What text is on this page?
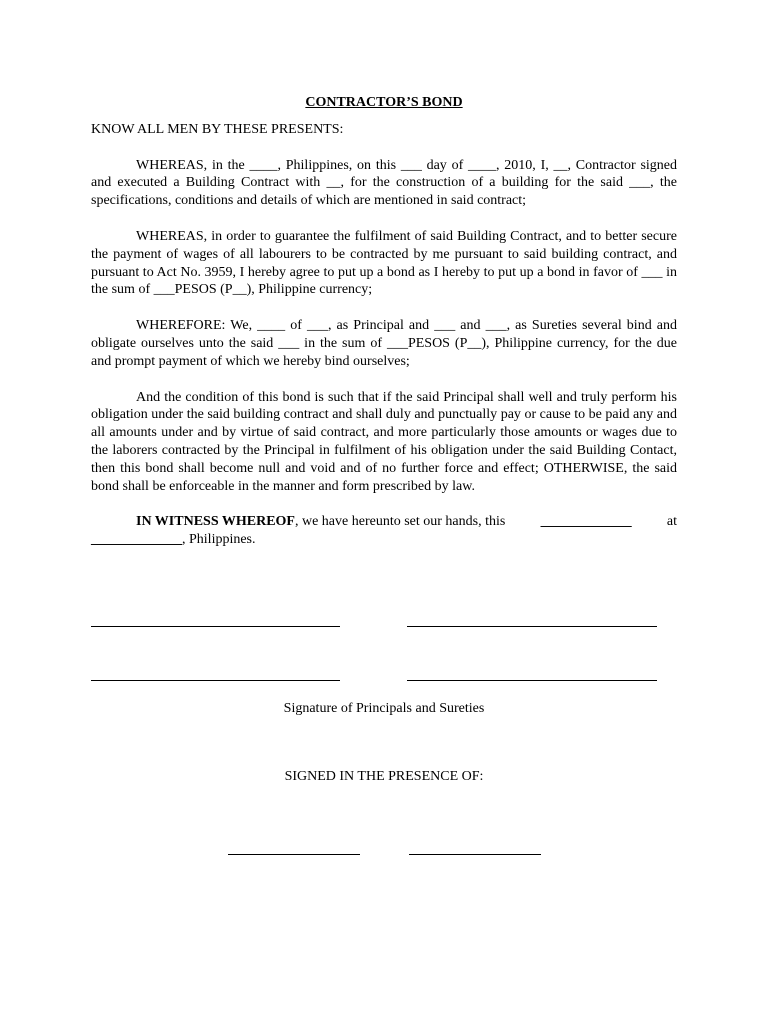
CONTRACTOR’S BOND
KNOW ALL MEN BY THESE PRESENTS:
WHEREAS, in the ____, Philippines, on this ___ day of ____, 2010, I, __, Contractor signed and executed a Building Contract with __, for the construction of a building for the said ___, the specifications, conditions and details of which are mentioned in said contract;
WHEREAS, in order to guarantee the fulfilment of said Building Contract, and to better secure the payment of wages of all labourers to be contracted by me pursuant to said building contract, and pursuant to Act No. 3959, I hereby agree to put up a bond as I hereby to put up a bond in favor of ___ in the sum of ___PESOS (P__), Philippine currency;
WHEREFORE: We, ____ of ___, as Principal and ___ and ___, as Sureties several bind and obligate ourselves unto the said ___ in the sum of ___PESOS (P__), Philippine currency, for the due and prompt payment of which we hereby bind ourselves;
And the condition of this bond is such that if the said Principal shall well and truly perform his obligation under the said building contract and shall duly and punctually pay or cause to be paid any and all amounts under and by virtue of said contract, and more particularly those amounts or wages due to the laborers contracted by the Principal in fulfilment of his obligation under the said Building Contact, then this bond shall become null and void and of no further force and effect; OTHERWISE, the said bond shall be enforceable in the manner and form prescribed by law.
IN WITNESS WHEREOF, we have hereunto set our hands, this	_____________	at
_____________, Philippines.
Signature of Principals and Sureties
SIGNED IN THE PRESENCE OF:
